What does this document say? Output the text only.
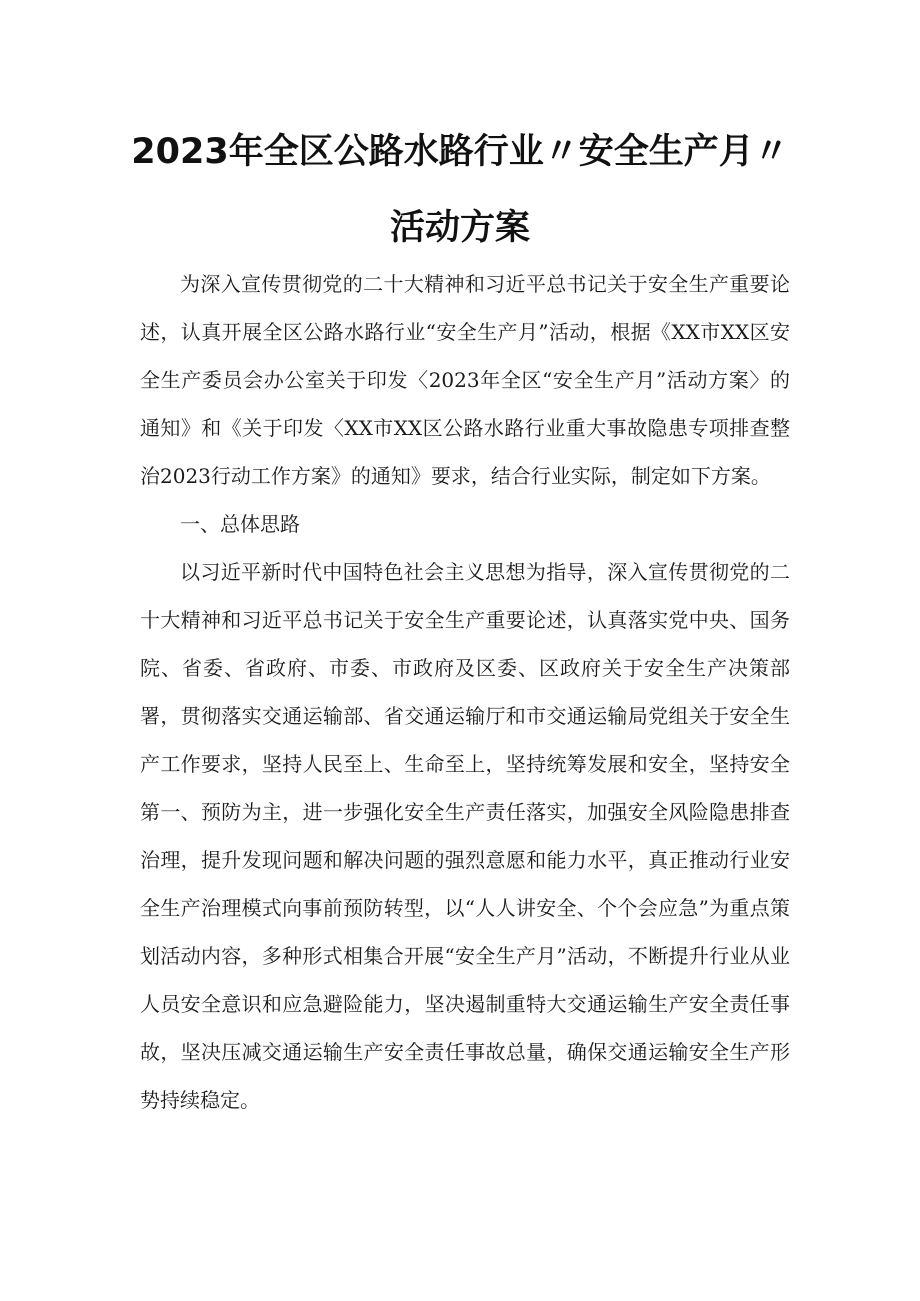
2023年全区公路水路行业〃安全生产月〃
活动方案

为深入宣传贯彻党的二十大精神和习近平总书记关于安全生产重要论述，认真开展全区公路水路行业“安全生产月”活动，根据《XX市XX区安全生产委员会办公室关于印发〈2023年全区“安全生产月”活动方案〉的通知》和《关于印发〈XX市XX区公路水路行业重大事故隐患专项排查整治2023行动工作方案》的通知》要求，结合行业实际，制定如下方案。

一、总体思路

以习近平新时代中国特色社会主义思想为指导，深入宣传贯彻党的二十大精神和习近平总书记关于安全生产重要论述，认真落实党中央、国务院、省委、省政府、市委、市政府及区委、区政府关于安全生产决策部署，贯彻落实交通运输部、省交通运输厅和市交通运输局党组关于安全生产工作要求，坚持人民至上、生命至上，坚持统筹发展和安全，坚持安全第一、预防为主，进一步强化安全生产责任落实，加强安全风险隐患排查治理，提升发现问题和解决问题的强烈意愿和能力水平，真正推动行业安全生产治理模式向事前预防转型，以“人人讲安全、个个会应急”为重点策划活动内容，多种形式相集合开展“安全生产月”活动，不断提升行业从业人员安全意识和应急避险能力，坚决遏制重特大交通运输生产安全责任事故，坚决压减交通运输生产安全责任事故总量，确保交通运输安全生产形势持续稳定。
